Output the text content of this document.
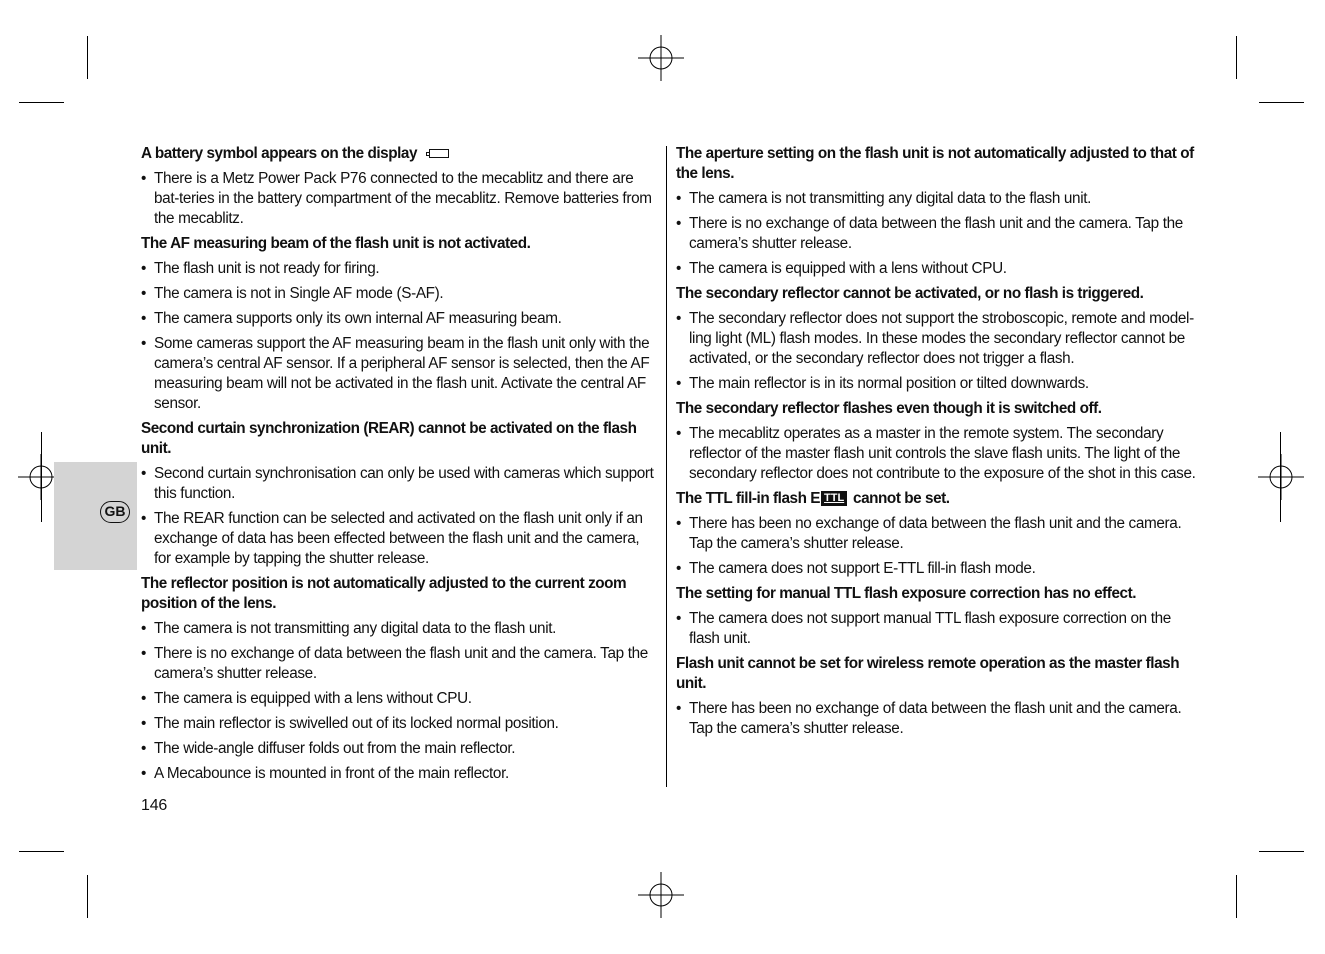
GB
A battery symbol appears on the display
• There is a Metz Power Pack P76 connected to the mecablitz and there are bat-teries in the battery compartment of the mecablitz. Remove batteries from the mecablitz.
The AF measuring beam of the flash unit is not activated.
• The flash unit is not ready for firing.
• The camera is not in Single AF mode (S-AF).
• The camera supports only its own internal AF measuring beam.
• Some cameras support the AF measuring beam in the flash unit only with the camera’s central AF sensor. If a peripheral AF sensor is selected, then the AF measuring beam will not be activated in the flash unit. Activate the central AF sensor.
Second curtain synchronization (REAR) cannot be activated on the flash unit.
• Second curtain synchronisation can only be used with cameras which support this function.
• The REAR function can be selected and activated on the flash unit only if an exchange of data has been effected between the flash unit and the camera, for example by tapping the shutter release.
The reflector position is not automatically adjusted to the current zoom position of the lens.
• The camera is not transmitting any digital data to the flash unit.
• There is no exchange of data between the flash unit and the camera. Tap the camera’s shutter release.
• The camera is equipped with a lens without CPU.
• The main reflector is swivelled out of its locked normal position.
• The wide-angle diffuser folds out from the main reflector.
• A Mecabounce is mounted in front of the main reflector.
The aperture setting on the flash unit is not automatically adjusted to that of the lens.
• The camera is not transmitting any digital data to the flash unit.
• There is no exchange of data between the flash unit and the camera. Tap the camera’s shutter release.
• The camera is equipped with a lens without CPU.
The secondary reflector cannot be activated, or no flash is triggered.
• The secondary reflector does not support the stroboscopic, remote and model-ling light (ML) flash modes. In these modes the secondary reflector cannot be activated, or the secondary reflector does not trigger a flash.
• The main reflector is in its normal position or tilted downwards.
The secondary reflector flashes even though it is switched off.
• The mecablitz operates as a master in the remote system. The secondary reflector of the master flash unit controls the slave flash units. The light of the secondary reflector does not contribute to the exposure of the shot in this case.
The TTL fill-in flash E TTL cannot be set.
• There has been no exchange of data between the flash unit and the camera. Tap the camera’s shutter release.
• The camera does not support E-TTL fill-in flash mode.
The setting for manual TTL flash exposure correction has no effect.
• The camera does not support manual TTL flash exposure correction on the flash unit.
Flash unit cannot be set for wireless remote operation as the master flash unit.
• There has been no exchange of data between the flash unit and the camera. Tap the camera’s shutter release.
146
